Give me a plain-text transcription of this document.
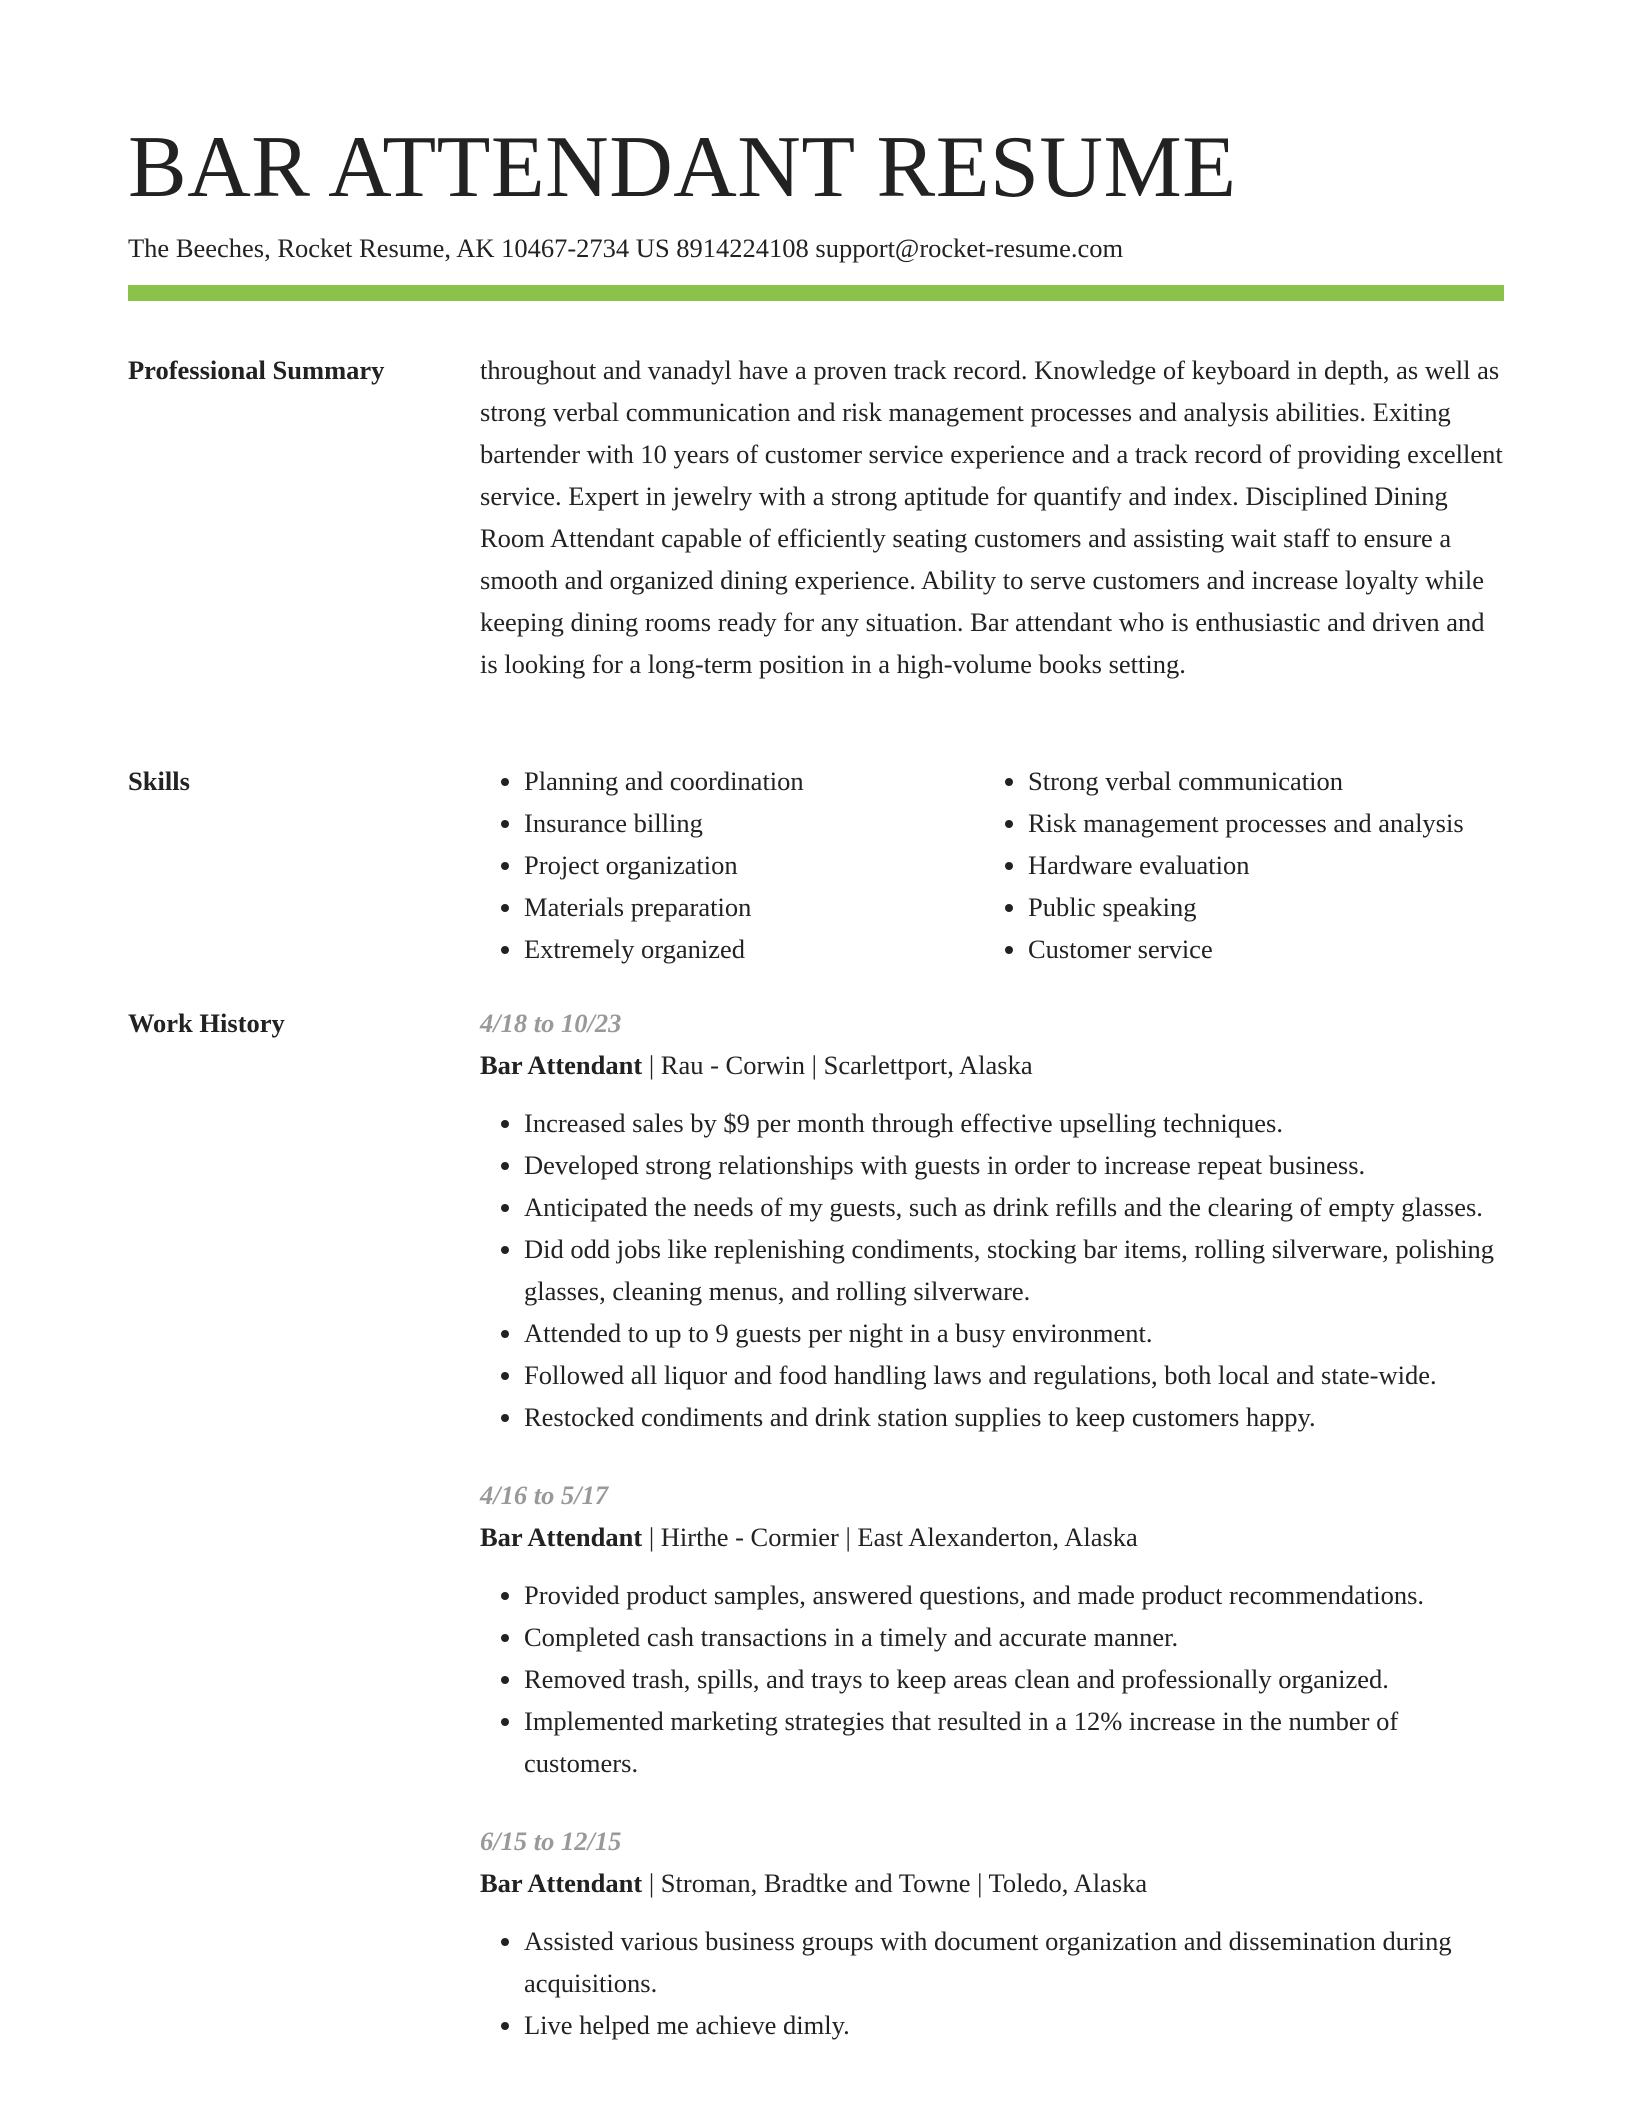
BAR ATTENDANT RESUME
The Beeches, Rocket Resume, AK 10467-2734 US 8914224108 support@rocket-resume.com
Professional Summary	throughout and vanadyl have a proven track record. Knowledge of keyboard in depth, as well as strong verbal communication and risk management processes and analysis abilities. Exiting bartender with 10 years of customer service experience and a track record of providing excellent service. Expert in jewelry with a strong aptitude for quantify and index. Disciplined Dining Room Attendant capable of efficiently seating customers and assisting wait staff to ensure a smooth and organized dining experience. Ability to serve customers and increase loyalty while keeping dining rooms ready for any situation. Bar attendant who is enthusiastic and driven and is looking for a long-term position in a high-volume books setting.

Skills
•	Planning and coordination
• Insurance billing
• Project organization
• Materials preparation
• Extremely organized
• Strong verbal communication
• Risk management processes and analysis
• Hardware evaluation
• Public speaking
• Customer service
Work History	4/18 to 10/23
Bar Attendant | Rau - Corwin | Scarlettport, Alaska
• Increased sales by $9 per month through effective upselling techniques.
• Developed strong relationships with guests in order to increase repeat business.
• Anticipated the needs of my guests, such as drink refills and the clearing of empty glasses.
• Did odd jobs like replenishing condiments, stocking bar items, rolling silverware, polishing glasses, cleaning menus, and rolling silverware.
• Attended to up to 9 guests per night in a busy environment.
• Followed all liquor and food handling laws and regulations, both local and state-wide.
• Restocked condiments and drink station supplies to keep customers happy.
4/16 to 5/17
Bar Attendant | Hirthe - Cormier | East Alexanderton, Alaska
• Provided product samples, answered questions, and made product recommendations.
• Completed cash transactions in a timely and accurate manner.
• Removed trash, spills, and trays to keep areas clean and professionally organized.
• Implemented marketing strategies that resulted in a 12% increase in the number of customers.
6/15 to 12/15
Bar Attendant | Stroman, Bradtke and Towne | Toledo, Alaska
• Assisted various business groups with document organization and dissemination during acquisitions.
• Live helped me achieve dimly.
